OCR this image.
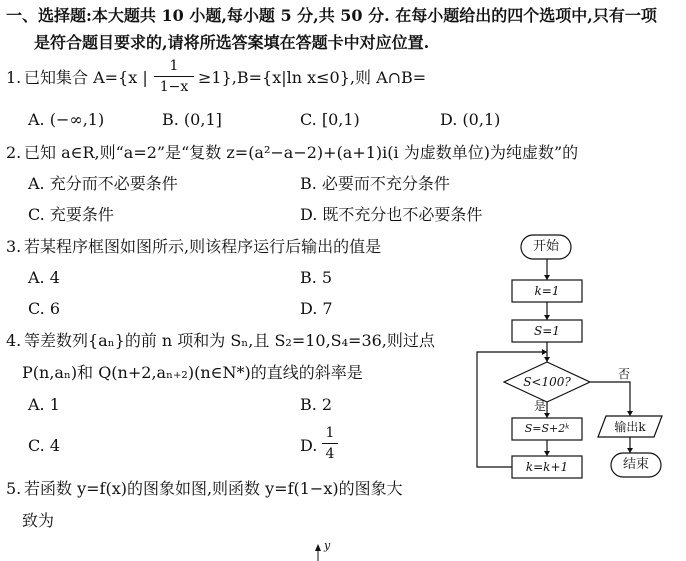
一、选择题:本大题共 10 小题,每小题 5 分,共 50 分. 在每小题给出的四个选项中,只有一项
是符合题目要求的,请将所选答案填在答题卡中对应位置.
1. 已知集合 A={x |
1
1−x ≥1},B={x|ln x≤0},则 A∩B=
A. (−∞,1)	B. (0,1]	C. [0,1)	D. (0,1)
2. 已知 a∈R,则“a=2”是“复数 z=(a²−a−2)+(a+1)i(i 为虚数单位)为纯虚数”的
A. 充分而不必要条件	B. 必要而不充分条件
C. 充要条件	D. 既不充分也不必要条件
3. 若某程序框图如图所示,则该程序运行后输出的值是
A. 4	B. 5
C. 6	D. 7
4. 等差数列{aₙ}的前 n 项和为 Sₙ,且 S₂=10,S₄=36,则过点
P(n,aₙ)和 Q(n+2,aₙ₊₂)(n∈N*)的直线的斜率是
A. 1	B. 2
C. 4	D.
1
4
5. 若函数 y=f(x)的图象如图,则函数 y=f(1−x)的图象大
致为
y
开始
k=1
S=1
S<100?
是
否
S=S+2ᵏ
k=k+1
输出k
结束
